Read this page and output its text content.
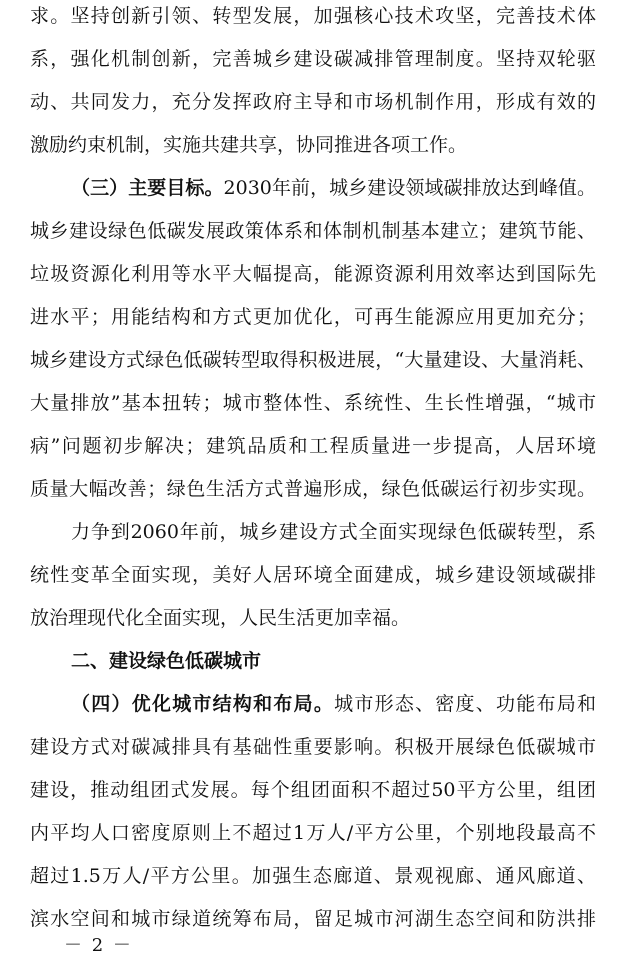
求。坚持创新引领、转型发展，加强核心技术攻坚，完善技术体
系，强化机制创新，完善城乡建设碳减排管理制度。坚持双轮驱
动、共同发力，充分发挥政府主导和市场机制作用，形成有效的
激励约束机制，实施共建共享，协同推进各项工作。
（三）主要目标。2030年前，城乡建设领域碳排放达到峰值。
城乡建设绿色低碳发展政策体系和体制机制基本建立；建筑节能、
垃圾资源化利用等水平大幅提高，能源资源利用效率达到国际先
进水平；用能结构和方式更加优化，可再生能源应用更加充分；
城乡建设方式绿色低碳转型取得积极进展，“大量建设、大量消耗、
大量排放”基本扭转；城市整体性、系统性、生长性增强，“城市
病”问题初步解决；建筑品质和工程质量进一步提高，人居环境
质量大幅改善；绿色生活方式普遍形成，绿色低碳运行初步实现。
力争到2060年前，城乡建设方式全面实现绿色低碳转型，系
统性变革全面实现，美好人居环境全面建成，城乡建设领域碳排
放治理现代化全面实现，人民生活更加幸福。
二、建设绿色低碳城市
（四）优化城市结构和布局。城市形态、密度、功能布局和
建设方式对碳减排具有基础性重要影响。积极开展绿色低碳城市
建设，推动组团式发展。每个组团面积不超过50平方公里，组团
内平均人口密度原则上不超过1万人/平方公里，个别地段最高不
超过1.5万人/平方公里。加强生态廊道、景观视廊、通风廊道、
滨水空间和城市绿道统筹布局，留足城市河湖生态空间和防洪排
－ 2 －
